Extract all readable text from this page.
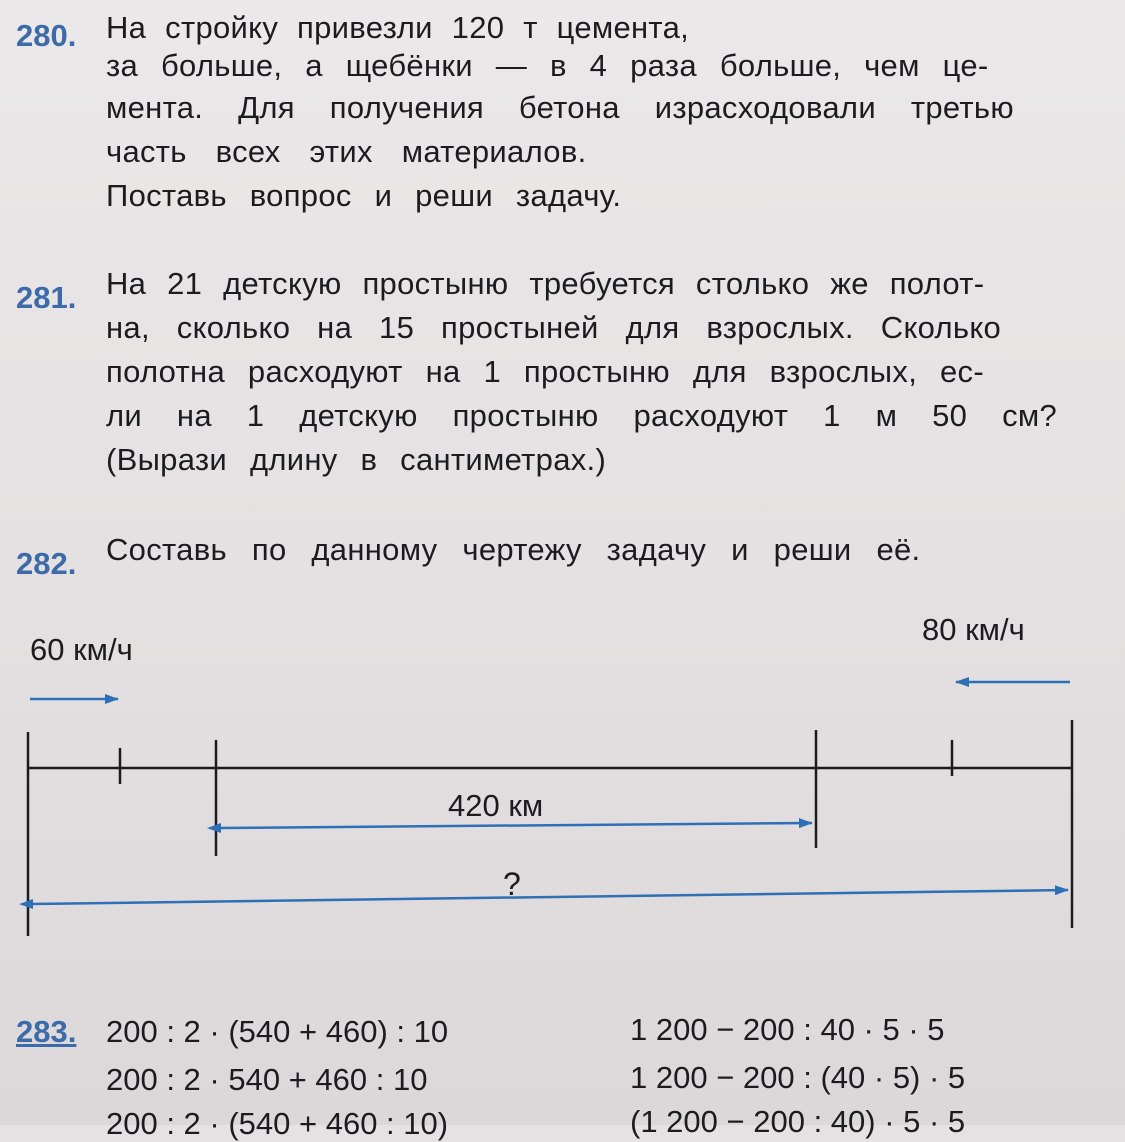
280. На стройку привезли 120 т цемента,
за больше, а щебёнки — в 4 раза больше, чем це-
мента. Для получения бетона израсходовали третью
часть всех этих материалов.
Поставь вопрос и реши задачу.
281. На 21 детскую простыню требуется столько же полот-
на, сколько на 15 простыней для взрослых. Сколько
полотна расходуют на 1 простыню для взрослых, ес-
ли на 1 детскую простыню расходуют 1 м 50 см?
(Вырази длину в сантиметрах.)
282. Составь по данному чертежу задачу и реши её.
60 км/ч
80 км/ч
420 км
?
283. 200 : 2 · (540 + 460) : 10
200 : 2 · 540 + 460 : 10
200 : 2 · (540 + 460 : 10)
1 200 − 200 : 40 · 5 · 5
1 200 − 200 : (40 · 5) · 5
(1 200 − 200 : 40) · 5 · 5
